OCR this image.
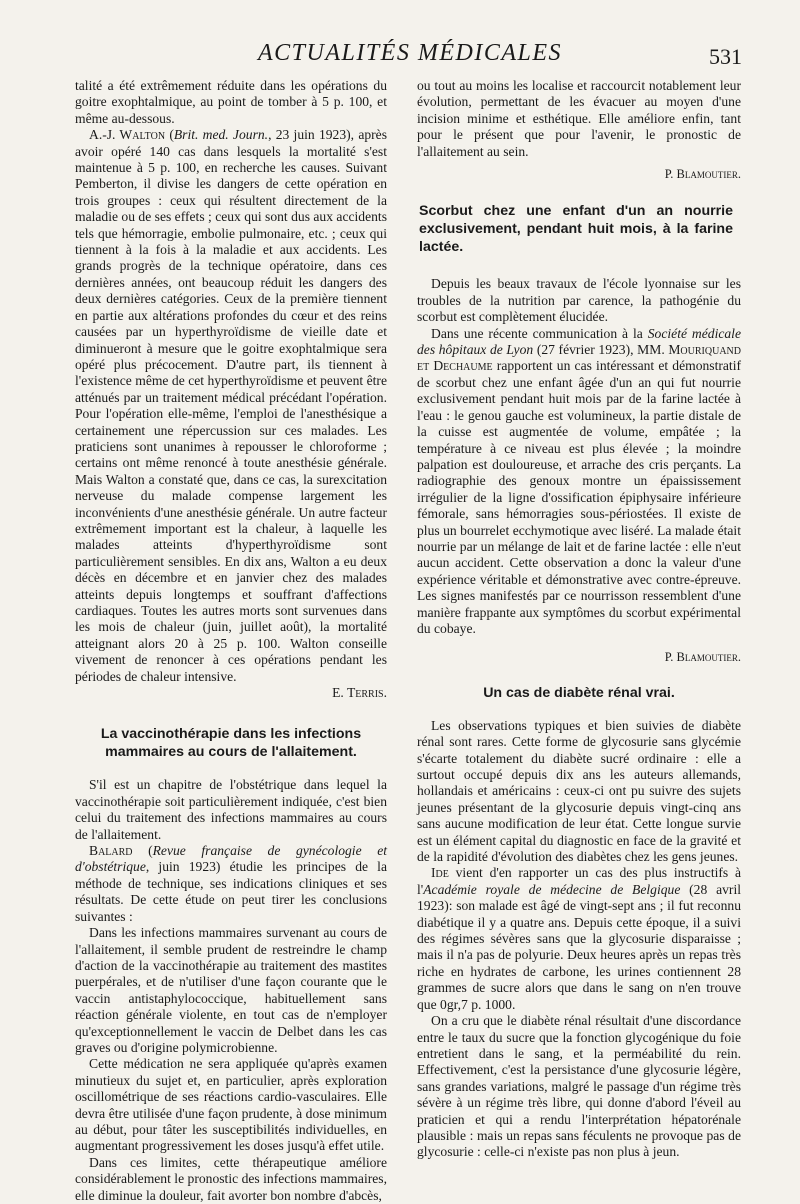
ACTUALITÉS MÉDICALES	531

talité a été extrêmement réduite dans les opérations du goitre exophtalmique, au point de tomber à 5 p. 100, et même au-dessous.

A.-J. Walton (Brit. med. Journ., 23 juin 1923), après avoir opéré 140 cas dans lesquels la mortalité s'est maintenue à 5 p. 100, en recherche les causes. Suivant Pemberton, il divise les dangers de cette opération en trois groupes : ceux qui résultent directement de la maladie ou de ses effets ; ceux qui sont dus aux accidents tels que hémorragie, embolie pulmonaire, etc. ; ceux qui tiennent à la fois à la maladie et aux accidents. Les grands progrès de la technique opératoire, dans ces dernières années, ont beaucoup réduit les dangers des deux dernières catégories. Ceux de la première tiennent en partie aux altérations profondes du cœur et des reins causées par un hyperthyroïdisme de vieille date et diminueront à mesure que le goitre exophtalmique sera opéré plus précocement. D'autre part, ils tiennent à l'existence même de cet hyperthyroïdisme et peuvent être atténués par un traitement médical précédant l'opération. Pour l'opération elle-même, l'emploi de l'anesthésique a certainement une répercussion sur ces malades. Les praticiens sont unanimes à repousser le chloroforme ; certains ont même renoncé à toute anesthésie générale. Mais Walton a constaté que, dans ce cas, la surexcitation nerveuse du malade compense largement les inconvénients d'une anesthésie générale. Un autre facteur extrêmement important est la chaleur, à laquelle les malades atteints d'hyperthyroïdisme sont particulièrement sensibles. En dix ans, Walton a eu deux décès en décembre et en janvier chez des malades atteints depuis longtemps et souffrant d'affections cardiaques. Toutes les autres morts sont survenues dans les mois de chaleur (juin, juillet août), la mortalité atteignant alors 20 à 25 p. 100. Walton conseille vivement de renoncer à ces opérations pendant les périodes de chaleur intensive.
E. Terris.

La vaccinothérapie dans les infections
mammaires au cours de l'allaitement.

S'il est un chapitre de l'obstétrique dans lequel la vaccinothérapie soit particulièrement indiquée, c'est bien celui du traitement des infections mammaires au cours de l'allaitement.

Balard (Revue française de gynécologie et d'obstétrique, juin 1923) étudie les principes de la méthode de technique, ses indications cliniques et ses résultats. De cette étude on peut tirer les conclusions suivantes :

Dans les infections mammaires survenant au cours de l'allaitement, il semble prudent de restreindre le champ d'action de la vaccinothérapie au traitement des mastites puerpérales, et de n'utiliser d'une façon courante que le vaccin antistaphylococcique, habituellement sans réaction générale violente, en tout cas de n'employer qu'exceptionnellement le vaccin de Delbet dans les cas graves ou d'origine polymicrobienne.

Cette médication ne sera appliquée qu'après examen minutieux du sujet et, en particulier, après exploration oscillométrique de ses réactions cardio-vasculaires. Elle devra être utilisée d'une façon prudente, à dose minimum au début, pour tâter les susceptibilités individuelles, en augmentant progressivement les doses jusqu'à effet utile.

Dans ces limites, cette thérapeutique améliore considérablement le pronostic des infections mammaires, elle diminue la douleur, fait avorter bon nombre d'abcès,

ou tout au moins les localise et raccourcit notablement leur évolution, permettant de les évacuer au moyen d'une incision minime et esthétique. Elle améliore enfin, tant pour le présent que pour l'avenir, le pronostic de l'allaitement au sein.

P. Blamoutier.

Scorbut chez une enfant d'un an nourrie exclusivement, pendant huit mois, à la farine lactée.

Depuis les beaux travaux de l'école lyonnaise sur les troubles de la nutrition par carence, la pathogénie du scorbut est complètement élucidée.

Dans une récente communication à la Société médicale des hôpitaux de Lyon (27 février 1923), MM. Mouriquand et Dechaume rapportent un cas intéressant et démonstratif de scorbut chez une enfant âgée d'un an qui fut nourrie exclusivement pendant huit mois par de la farine lactée à l'eau : le genou gauche est volumineux, la partie distale de la cuisse est augmentée de volume, empâtée ; la température à ce niveau est plus élevée ; la moindre palpation est douloureuse, et arrache des cris perçants. La radiographie des genoux montre un épaississement irrégulier de la ligne d'ossification épiphysaire inférieure fémorale, sans hémorragies sous-périostées. Il existe de plus un bourrelet ecchymotique avec liséré. La malade était nourrie par un mélange de lait et de farine lactée : elle n'eut aucun accident. Cette observation a donc la valeur d'une expérience véritable et démonstrative avec contre-épreuve. Les signes manifestés par ce nourrisson ressemblent d'une manière frappante aux symptômes du scorbut expérimental du cobaye.

P. Blamoutier.

Un cas de diabète rénal vrai.

Les observations typiques et bien suivies de diabète rénal sont rares. Cette forme de glycosurie sans glycémie s'écarte totalement du diabète sucré ordinaire : elle a surtout occupé depuis dix ans les auteurs allemands, hollandais et américains : ceux-ci ont pu suivre des sujets jeunes présentant de la glycosurie depuis vingt-cinq ans sans aucune modification de leur état. Cette longue survie est un élément capital du diagnostic en face de la gravité et de la rapidité d'évolution des diabètes chez les gens jeunes.

Ide vient d'en rapporter un cas des plus instructifs à l'Académie royale de médecine de Belgique (28 avril 1923): son malade est âgé de vingt-sept ans ; il fut reconnu diabétique il y a quatre ans. Depuis cette époque, il a suivi des régimes sévères sans que la glycosurie disparaisse ; mais il n'a pas de polyurie. Deux heures après un repas très riche en hydrates de carbone, les urines contiennent 28 grammes de sucre alors que dans le sang on n'en trouve que 0gr,7 p. 1000.

On a cru que le diabète rénal résultait d'une discordance entre le taux du sucre que la fonction glycogénique du foie entretient dans le sang, et la perméabilité du rein. Effectivement, c'est la persistance d'une glycosurie légère, sans grandes variations, malgré le passage d'un régime très sévère à un régime très libre, qui donne d'abord l'éveil au praticien et qui a rendu l'interprétation hépatorénale plausible : mais un repas sans féculents ne provoque pas de glycosurie : celle-ci n'existe pas non plus à jeun.
